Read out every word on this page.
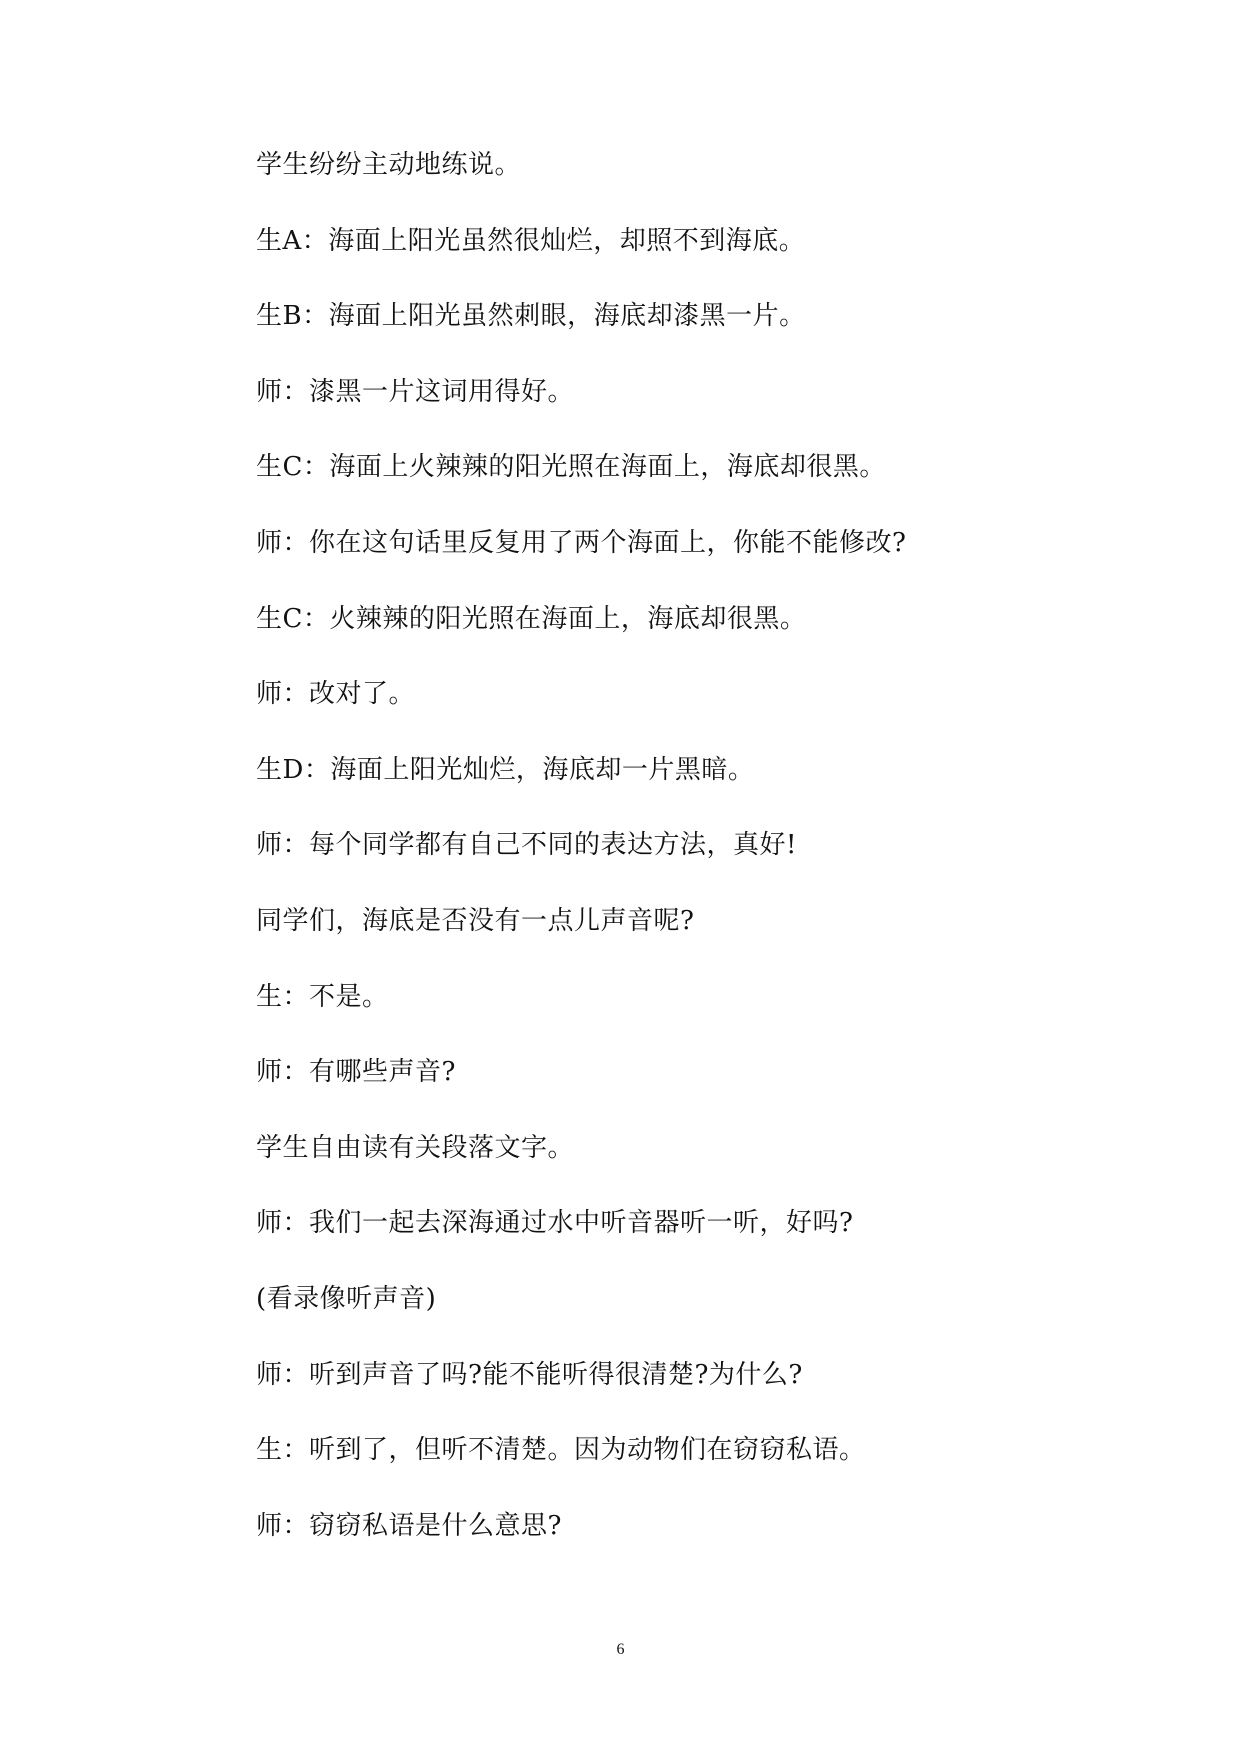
学生纷纷主动地练说。

生A：海面上阳光虽然很灿烂，却照不到海底。

生B：海面上阳光虽然刺眼，海底却漆黑一片。

师：漆黑一片这词用得好。

生C：海面上火辣辣的阳光照在海面上，海底却很黑。

师：你在这句话里反复用了两个海面上，你能不能修改?

生C：火辣辣的阳光照在海面上，海底却很黑。

师：改对了。

生D：海面上阳光灿烂，海底却一片黑暗。

师：每个同学都有自己不同的表达方法，真好!

同学们，海底是否没有一点儿声音呢?

生：不是。

师：有哪些声音?

学生自由读有关段落文字。

师：我们一起去深海通过水中听音器听一听，好吗?

(看录像听声音)

师：听到声音了吗?能不能听得很清楚?为什么?

生：听到了，但听不清楚。因为动物们在窃窃私语。

师：窃窃私语是什么意思?

6
